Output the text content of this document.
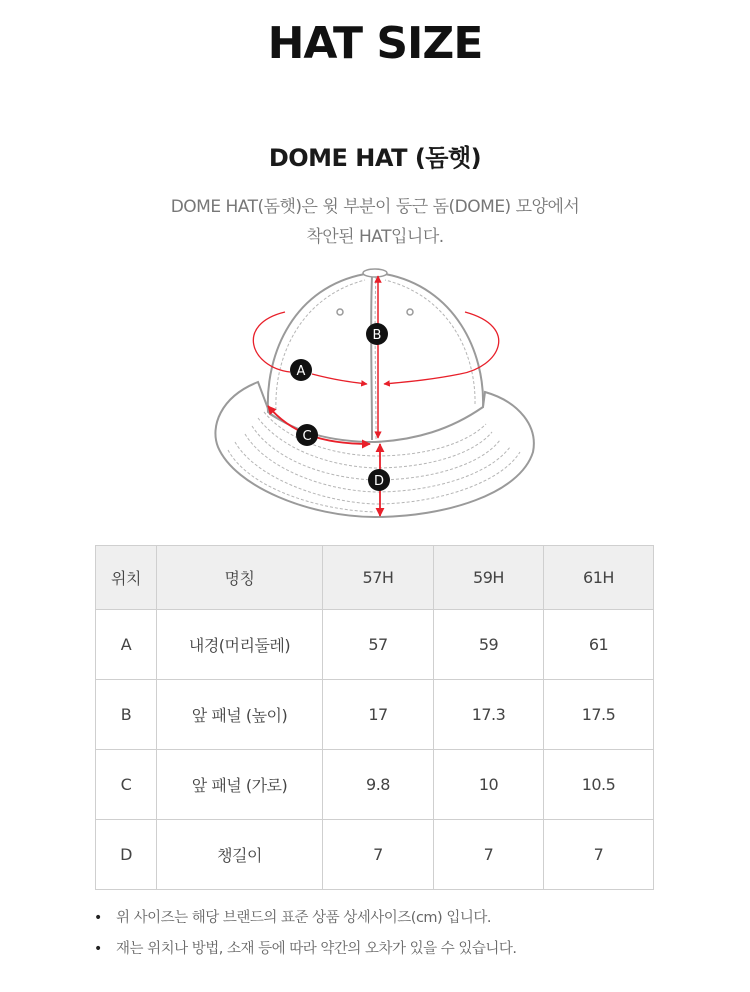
HAT SIZE
DOME HAT (돔햇)
DOME HAT(돔햇)은 윗 부분이 둥근 돔(DOME) 모양에서
착안된 HAT입니다.
A
B
C
D
위치	명칭	57H	59H	61H
A	내경(머리둘레)	57	59	61
B	앞 패널 (높이)	17	17.3	17.5
C	앞 패널 (가로)	9.8	10	10.5
D	챙길이	7	7	7
• 위 사이즈는 해당 브랜드의 표준 상품 상세사이즈(cm) 입니다.
• 재는 위치나 방법, 소재 등에 따라 약간의 오차가 있을 수 있습니다.
